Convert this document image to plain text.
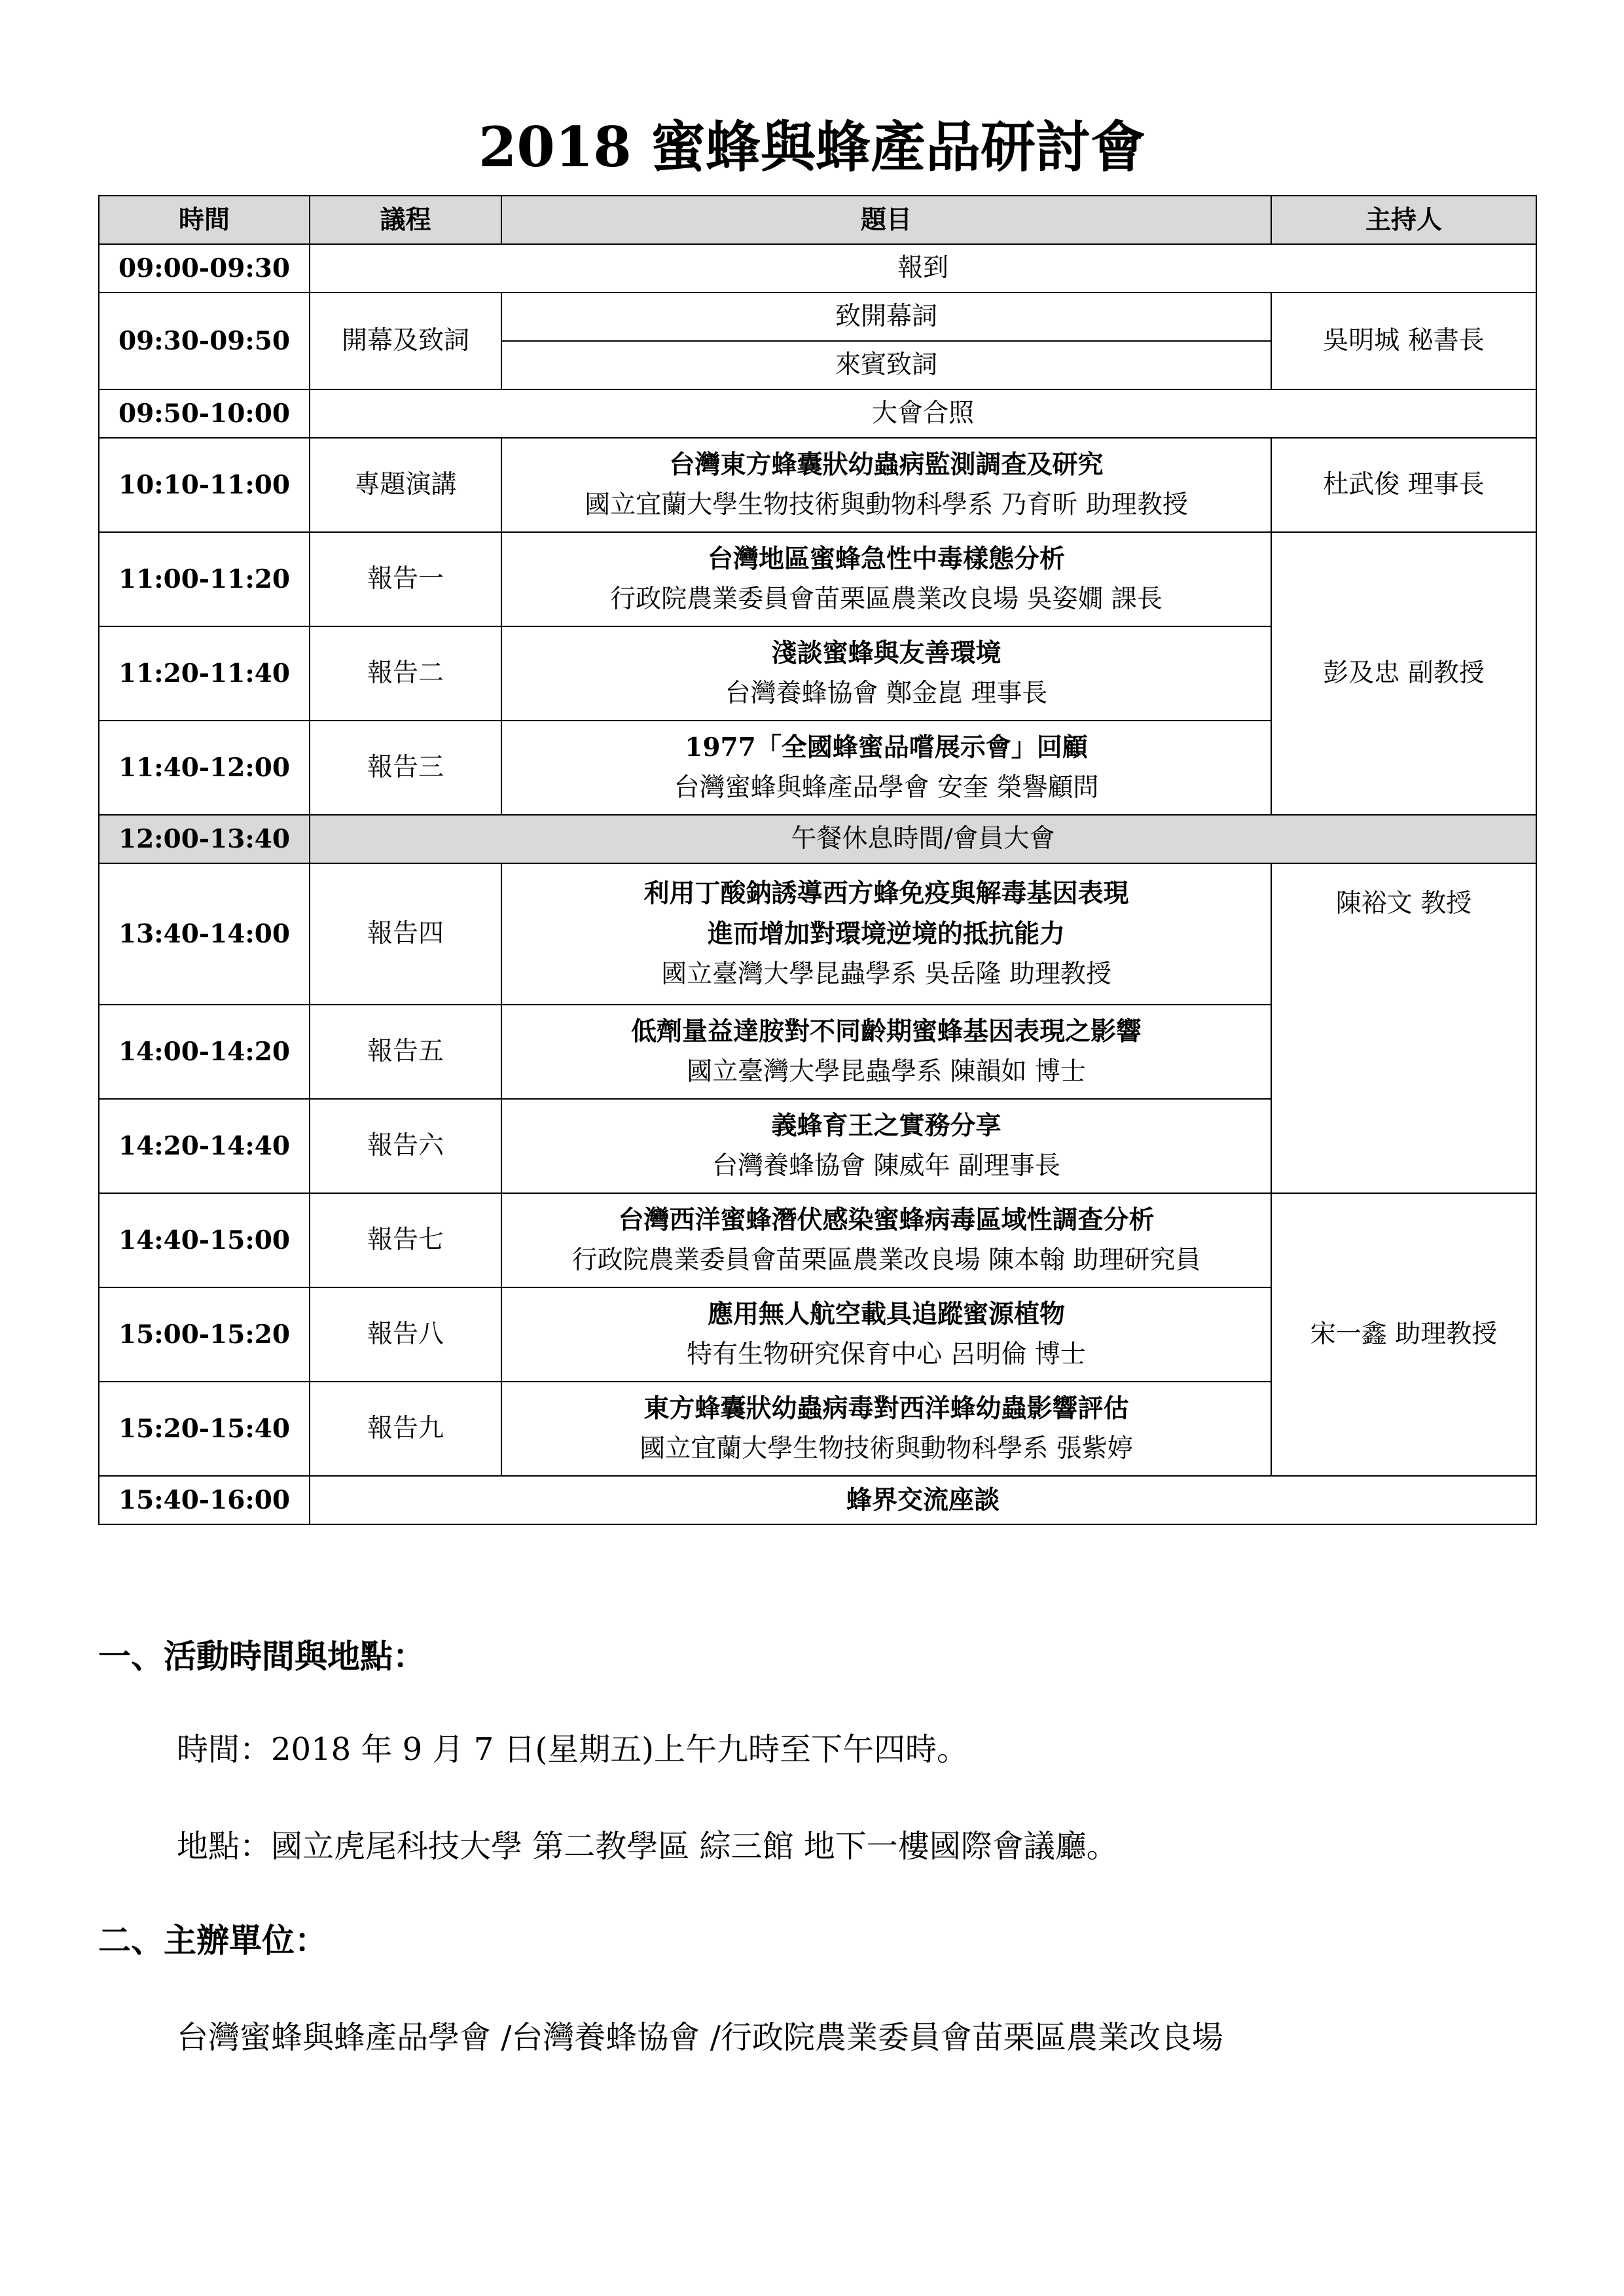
2018 蜜蜂與蜂產品研討會
時間	議程	題目	主持人
09:00-09:30	報到		
09:30-09:50	開幕及致詞	致開幕詞	吳明城 秘書長
		來賓致詞	
09:50-10:00	大會合照		
10:10-11:00	專題演講	台灣東方蜂囊狀幼蟲病監測調查及研究
國立宜蘭大學生物技術與動物科學系 乃育昕 助理教授	杜武俊 理事長
11:00-11:20	報告一	台灣地區蜜蜂急性中毒樣態分析
行政院農業委員會苗栗區農業改良場 吳姿嫺 課長	彭及忠 副教授
11:20-11:40	報告二	淺談蜜蜂與友善環境
台灣養蜂協會 鄭金崑 理事長	

11:40-12:00	報告三	1977「全國蜂蜜品嚐展示會」回顧
台灣蜜蜂與蜂產品學會 安奎 榮譽顧問	

12:00-13:40	午餐休息時間/會員大會		
13:40-14:00	報告四	利用丁酸鈉誘導西方蜂免疫與解毒基因表現
進而增加對環境逆境的抵抗能力
國立臺灣大學昆蟲學系 吳岳隆 助理教授	陳裕文 教授
14:00-14:20	報告五	低劑量益達胺對不同齡期蜜蜂基因表現之影響
國立臺灣大學昆蟲學系 陳韻如 博士	

14:20-14:40	報告六	義蜂育王之實務分享
台灣養蜂協會 陳威年 副理事長	

14:40-15:00	報告七	台灣西洋蜜蜂潛伏感染蜜蜂病毒區域性調查分析
行政院農業委員會苗栗區農業改良場 陳本翰 助理研究員	宋一鑫 助理教授
15:00-15:20	報告八	應用無人航空載具追蹤蜜源植物
特有生物研究保育中心 呂明倫 博士	

15:20-15:40	報告九	東方蜂囊狀幼蟲病毒對西洋蜂幼蟲影響評估
國立宜蘭大學生物技術與動物科學系 張紫婷	

15:40-16:00	蜂界交流座談		
一、活動時間與地點：
時間：2018 年 9 月 7 日(星期五)上午九時至下午四時。
地點：國立虎尾科技大學 第二教學區 綜三館 地下一樓國際會議廳。
二、主辦單位：
台灣蜜蜂與蜂產品學會 /台灣養蜂協會 /行政院農業委員會苗栗區農業改良場
